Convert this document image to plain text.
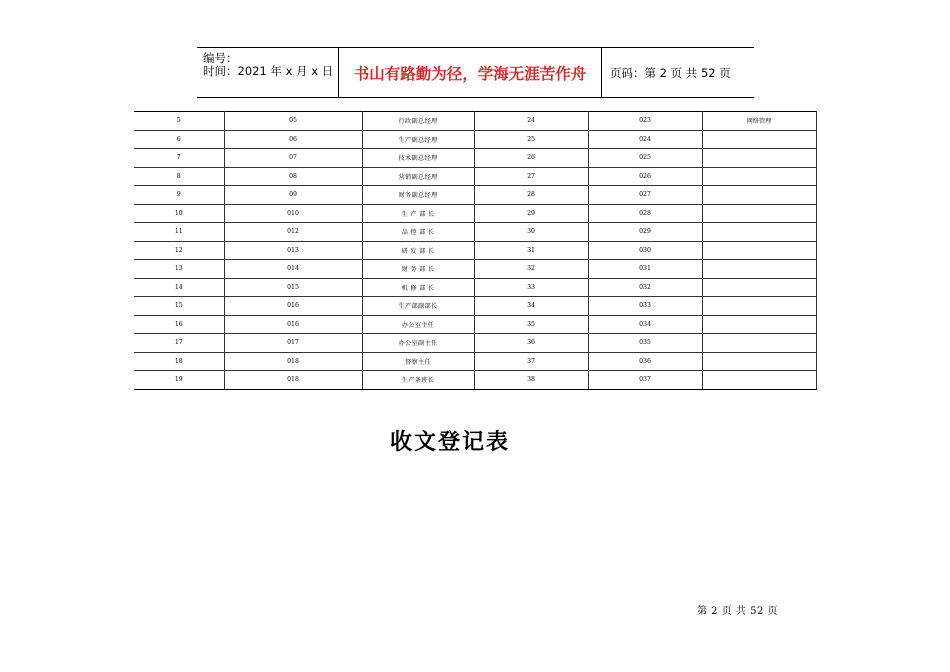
编号：
时间：2021 年 x 月 x 日	书山有路勤为径，学海无涯苦作舟	页码：第 2 页 共 52 页
5	05	行政副总经理	24	023	网络管理
6	06	生产副总经理	25	024	
7	07	技术副总经理	26	025	
8	08	营销副总经理	27	026	
9	09	财务副总经理	28	027	
10	010	生 产 部 长	29	028	
11	012	品 控 部 长	30	029	
12	013	研 发 部 长	31	030	
13	014	财 务 部 长	32	031	
14	015	机 修 部 长	33	032	
15	016	生产部副部长	34	033	
16	016	办公室主任	35	034	
17	017	办公室副主任	36	035	
18	018	督察主任	37	036	
19	018	生产条班长	38	037	
收文登记表
第 2 页 共 52 页
